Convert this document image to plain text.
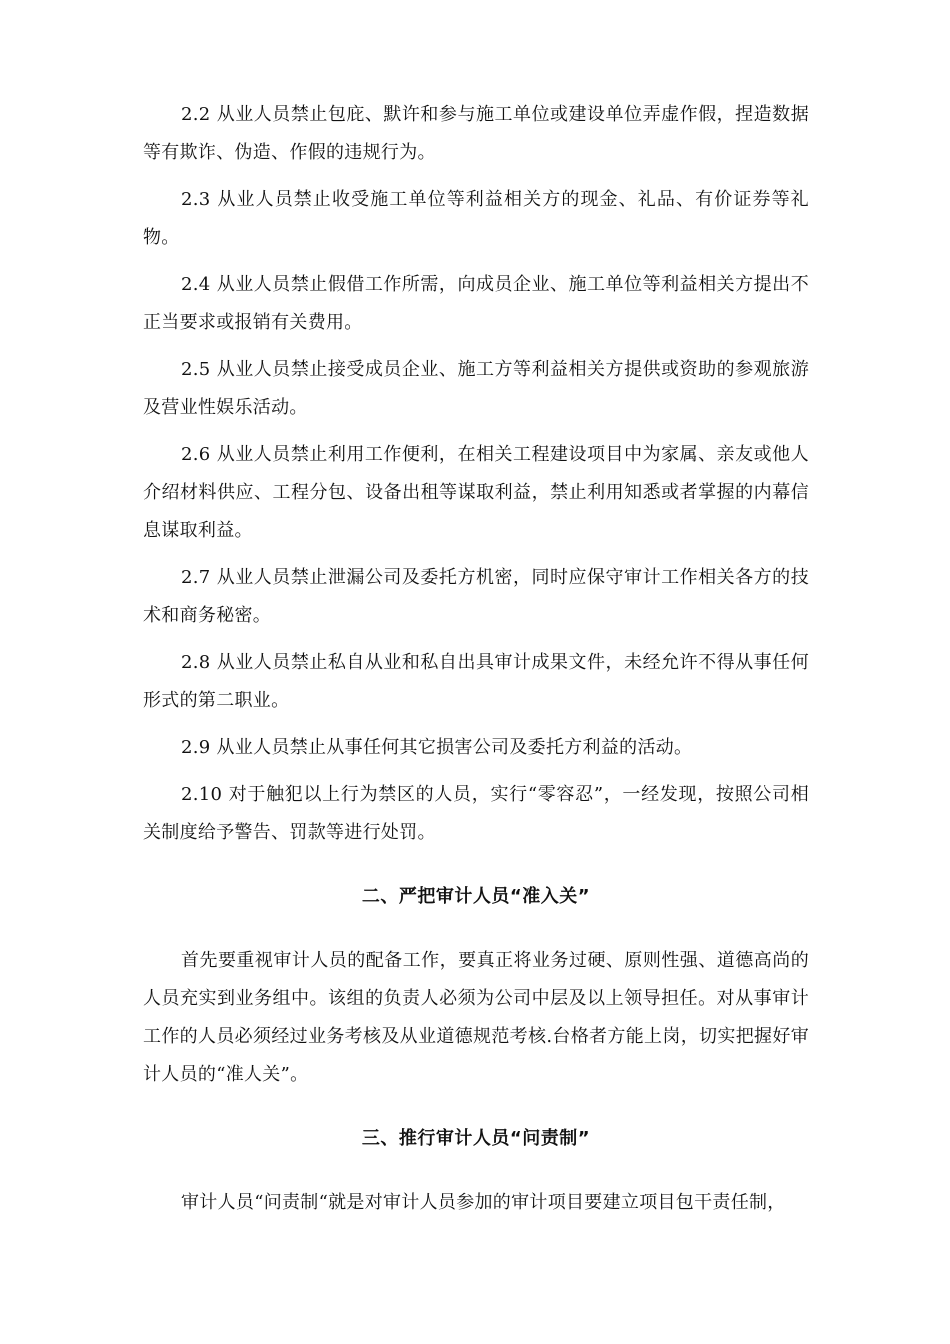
2.2 从业人员禁止包庇、默许和参与施工单位或建设单位弄虚作假，捏造数据等有欺诈、伪造、作假的违规行为。

2.3 从业人员禁止收受施工单位等利益相关方的现金、礼品、有价证券等礼物。

2.4 从业人员禁止假借工作所需，向成员企业、施工单位等利益相关方提出不正当要求或报销有关费用。

2.5 从业人员禁止接受成员企业、施工方等利益相关方提供或资助的参观旅游及营业性娱乐活动。

2.6 从业人员禁止利用工作便利，在相关工程建设项目中为家属、亲友或他人介绍材料供应、工程分包、设备出租等谋取利益，禁止利用知悉或者掌握的内幕信息谋取利益。

2.7 从业人员禁止泄漏公司及委托方机密，同时应保守审计工作相关各方的技术和商务秘密。

2.8 从业人员禁止私自从业和私自出具审计成果文件，未经允许不得从事任何形式的第二职业。

2.9 从业人员禁止从事任何其它损害公司及委托方利益的活动。

2.10 对于触犯以上行为禁区的人员，实行“零容忍”，一经发现，按照公司相关制度给予警告、罚款等进行处罚。

二、严把审计人员“准入关”

首先要重视审计人员的配备工作，要真正将业务过硬、原则性强、道德高尚的人员充实到业务组中。该组的负责人必须为公司中层及以上领导担任。对从事审计工作的人员必须经过业务考核及从业道德规范考核.台格者方能上岗，切实把握好审计人员的“准人关”。

三、推行审计人员“问责制”

审计人员“问责制“就是对审计人员参加的审计项目要建立项目包干责任制，
